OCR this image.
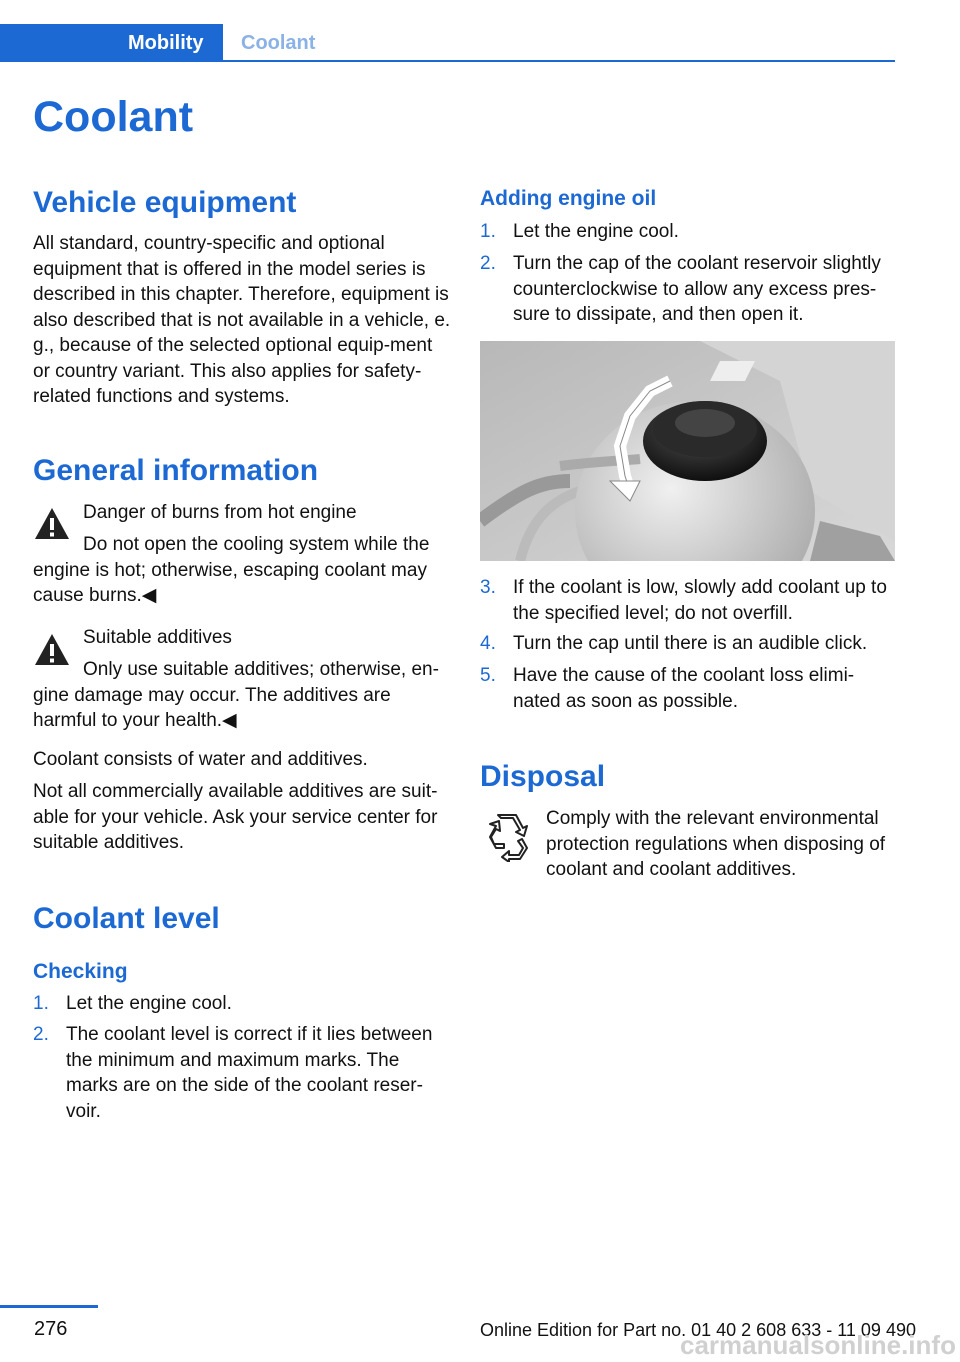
Mobility Coolant
Coolant
Vehicle equipment

All standard, country-specific and optional equipment that is offered in the model series is described in this chapter. Therefore, equipment is also described that is not available in a vehicle, e. g., because of the selected optional equip-ment or country variant. This also applies for safety-related functions and systems.

General information

Danger of burns from hot engine

Do not open the cooling system while the engine is hot; otherwise, escaping coolant may cause burns.◀

Suitable additives

Only use suitable additives; otherwise, en-gine damage may occur. The additives are harmful to your health.◀

Coolant consists of water and additives.

Not all commercially available additives are suit-able for your vehicle. Ask your service center for suitable additives.

Coolant level
Checking
1. Let the engine cool.

2. The coolant level is correct if it lies between the minimum and maximum marks. The marks are on the side of the coolant reser-voir.

Adding engine oil
1. Let the engine cool.

2. Turn the cap of the coolant reservoir slightly counterclockwise to allow any excess pres-sure to dissipate, and then open it.

3. If the coolant is low, slowly add coolant up to the specified level; do not overfill.

4. Turn the cap until there is an audible click.

5. Have the cause of the coolant loss elimi-nated as soon as possible.

Disposal

Comply with the relevant environmental protection regulations when disposing of coolant and coolant additives.

276	Online Edition for Part no. 01 40 2 608 633 - 11 09 490
carmanualsonline.info
